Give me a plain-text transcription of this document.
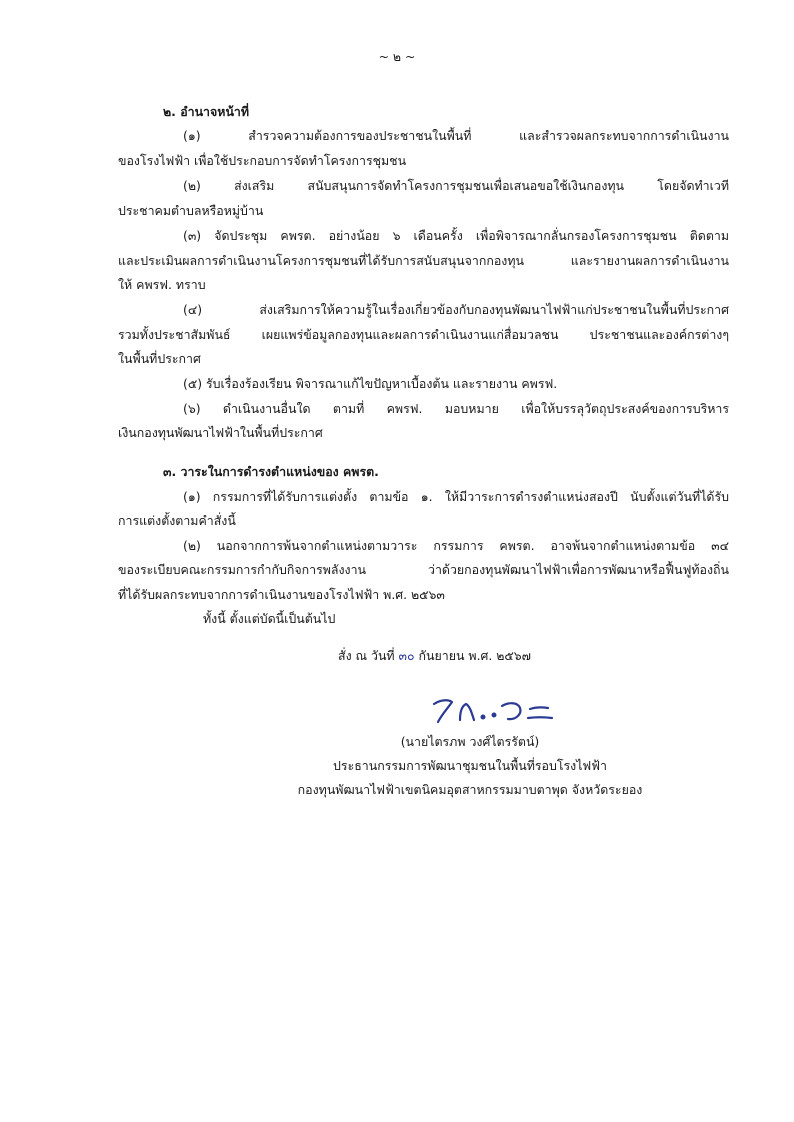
~ ๒ ~
๒. อำนาจหน้าที่
(๑) สำรวจความต้องการของประชาชนในพื้นที่ และสำรวจผลกระทบจากการดำเนินงาน
ของโรงไฟฟ้า เพื่อใช้ประกอบการจัดทำโครงการชุมชน
(๒) ส่งเสริม สนับสนุนการจัดทำโครงการชุมชนเพื่อเสนอขอใช้เงินกองทุน โดยจัดทำเวที
ประชาคมตำบลหรือหมู่บ้าน
(๓) จัดประชุม คพรต. อย่างน้อย ๖ เดือนครั้ง เพื่อพิจารณากลั่นกรองโครงการชุมชน ติดตาม
และประเมินผลการดำเนินงานโครงการชุมชนที่ได้รับการสนับสนุนจากกองทุน และรายงานผลการดำเนินงาน
ให้ คพรฟ. ทราบ
(๔) ส่งเสริมการให้ความรู้ในเรื่องเกี่ยวข้องกับกองทุนพัฒนาไฟฟ้าแก่ประชาชนในพื้นที่ประกาศ
รวมทั้งประชาสัมพันธ์ เผยแพร่ข้อมูลกองทุนและผลการดำเนินงานแก่สื่อมวลชน ประชาชนและองค์กรต่างๆ
ในพื้นที่ประกาศ
(๕) รับเรื่องร้องเรียน พิจารณาแก้ไขปัญหาเบื้องต้น และรายงาน คพรฟ.
(๖) ดำเนินงานอื่นใด ตามที่ คพรฟ. มอบหมาย เพื่อให้บรรลุวัตถุประสงค์ของการบริหาร
เงินกองทุนพัฒนาไฟฟ้าในพื้นที่ประกาศ
๓. วาระในการดำรงตำแหน่งของ คพรต.
(๑) กรรมการที่ได้รับการแต่งตั้ง ตามข้อ ๑. ให้มีวาระการดำรงตำแหน่งสองปี นับตั้งแต่วันที่ได้รับ
การแต่งตั้งตามคำสั่งนี้
(๒) นอกจากการพ้นจากตำแหน่งตามวาระ กรรมการ คพรต. อาจพ้นจากตำแหน่งตามข้อ ๓๔
ของระเบียบคณะกรรมการกำกับกิจการพลังงาน ว่าด้วยกองทุนพัฒนาไฟฟ้าเพื่อการพัฒนาหรือฟื้นฟูท้องถิ่น
ที่ได้รับผลกระทบจากการดำเนินงานของโรงไฟฟ้า พ.ศ. ๒๕๖๓
ทั้งนี้ ตั้งแต่บัดนี้เป็นต้นไป
สั่ง ณ วันที่ ๓๐ กันยายน พ.ศ. ๒๕๖๗
(นายไตรภพ วงศ์ไตรรัตน์)
ประธานกรรมการพัฒนาชุมชนในพื้นที่รอบโรงไฟฟ้า
กองทุนพัฒนาไฟฟ้าเขตนิคมอุตสาหกรรมมาบตาพุด จังหวัดระยอง
